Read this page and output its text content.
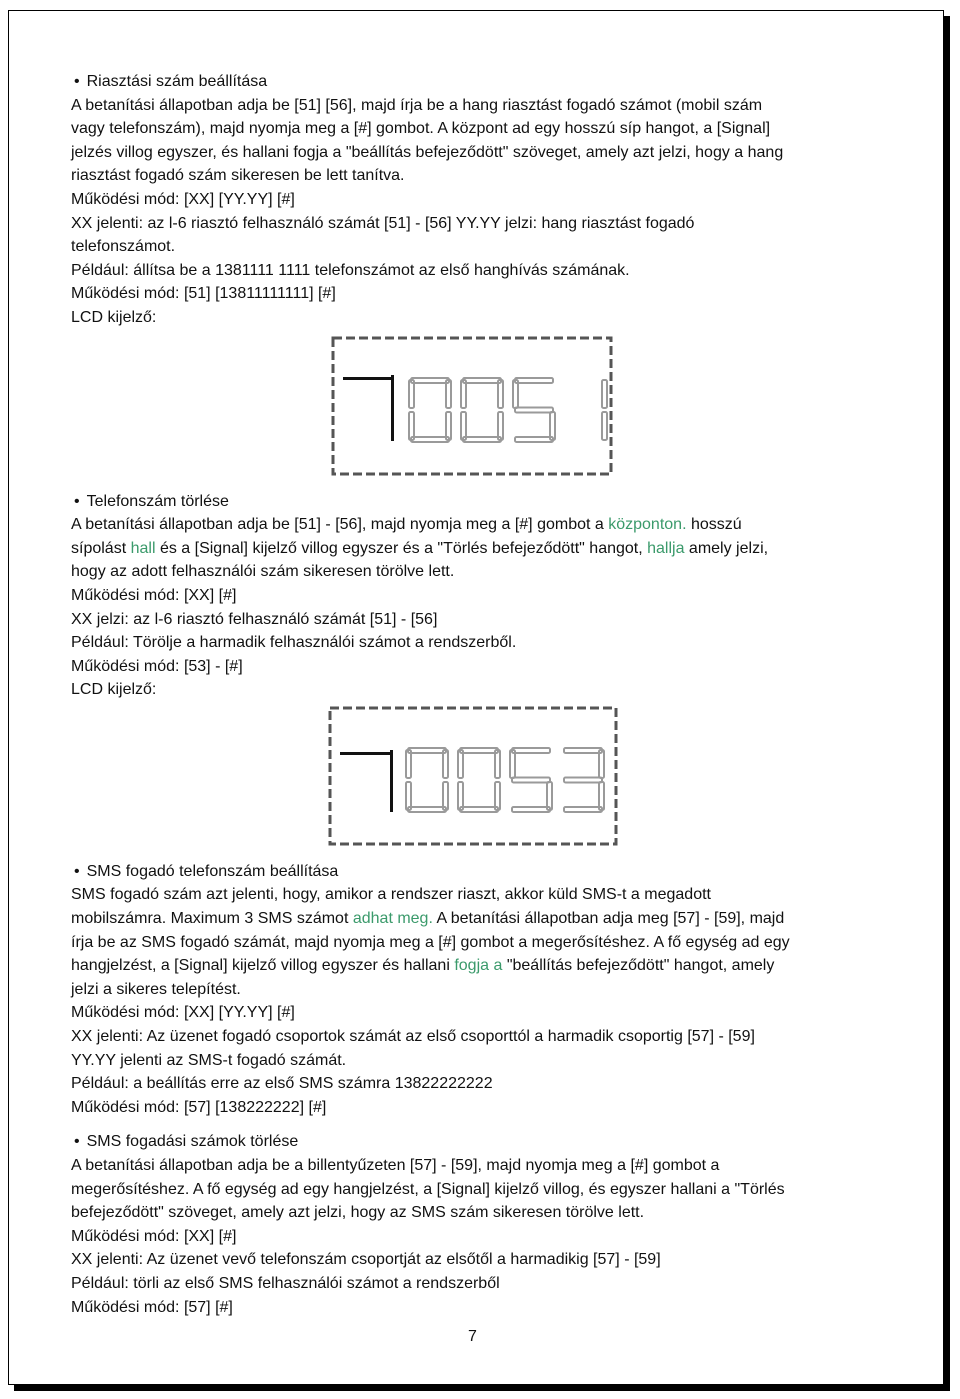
• Riasztási szám beállítása
A betanítási állapotban adja be [51] [56], majd írja be a hang riasztást fogadó számot (mobil szám
vagy telefonszám), majd nyomja meg a [#] gombot. A központ ad egy hosszú síp hangot, a [Signal]
jelzés villog egyszer, és hallani fogja a "beállítás befejeződött" szöveget, amely azt jelzi, hogy a hang
riasztást fogadó szám sikeresen be lett tanítva.
Működési mód: [XX] [YY.YY] [#]
XX jelenti: az l-6 riasztó felhasználó számát [51] - [56] YY.YY jelzi: hang riasztást fogadó
telefonszámot.
Például: állítsa be a 1381111 1111 telefonszámot az első hanghívás számának.
Működési mód: [51] [13811111111] [#]
LCD kijelző:
• Telefonszám törlése
A betanítási állapotban adja be [51] - [56], majd nyomja meg a [#] gombot a központon. hosszú
sípolást hall és a [Signal] kijelző villog egyszer és a "Törlés befejeződött" hangot, hallja amely jelzi,
hogy az adott felhasználói szám sikeresen törölve lett.
Működési mód: [XX] [#]
XX jelzi: az l-6 riasztó felhasználó számát [51] - [56]
Például: Törölje a harmadik felhasználói számot a rendszerből.
Működési mód: [53] - [#]
LCD kijelző:
• SMS fogadó telefonszám beállítása
SMS fogadó szám azt jelenti, hogy, amikor a rendszer riaszt, akkor küld SMS-t a megadott
mobilszámra. Maximum 3 SMS számot adhat meg. A betanítási állapotban adja meg [57] - [59], majd
írja be az SMS fogadó számát, majd nyomja meg a [#] gombot a megerősítéshez. A fő egység ad egy
hangjelzést, a [Signal] kijelző villog egyszer és hallani fogja a "beállítás befejeződött" hangot, amely
jelzi a sikeres telepítést.
Működési mód: [XX] [YY.YY] [#]
XX jelenti: Az üzenet fogadó csoportok számát az első csoporttól a harmadik csoportig [57] - [59]
YY.YY jelenti az SMS-t fogadó számát.
Például: a beállítás erre az első SMS számra 13822222222
Működési mód: [57] [138222222] [#]
• SMS fogadási számok törlése
A betanítási állapotban adja be a billentyűzeten [57] - [59], majd nyomja meg a [#] gombot a
megerősítéshez. A fő egység ad egy hangjelzést, a [Signal] kijelző villog, és egyszer hallani a "Törlés
befejeződött" szöveget, amely azt jelzi, hogy az SMS szám sikeresen törölve lett.
Működési mód: [XX] [#]
XX jelenti: Az üzenet vevő telefonszám csoportját az elsőtől a harmadikig [57] - [59]
Például: törli az első SMS felhasználói számot a rendszerből
Működési mód: [57] [#]
7
